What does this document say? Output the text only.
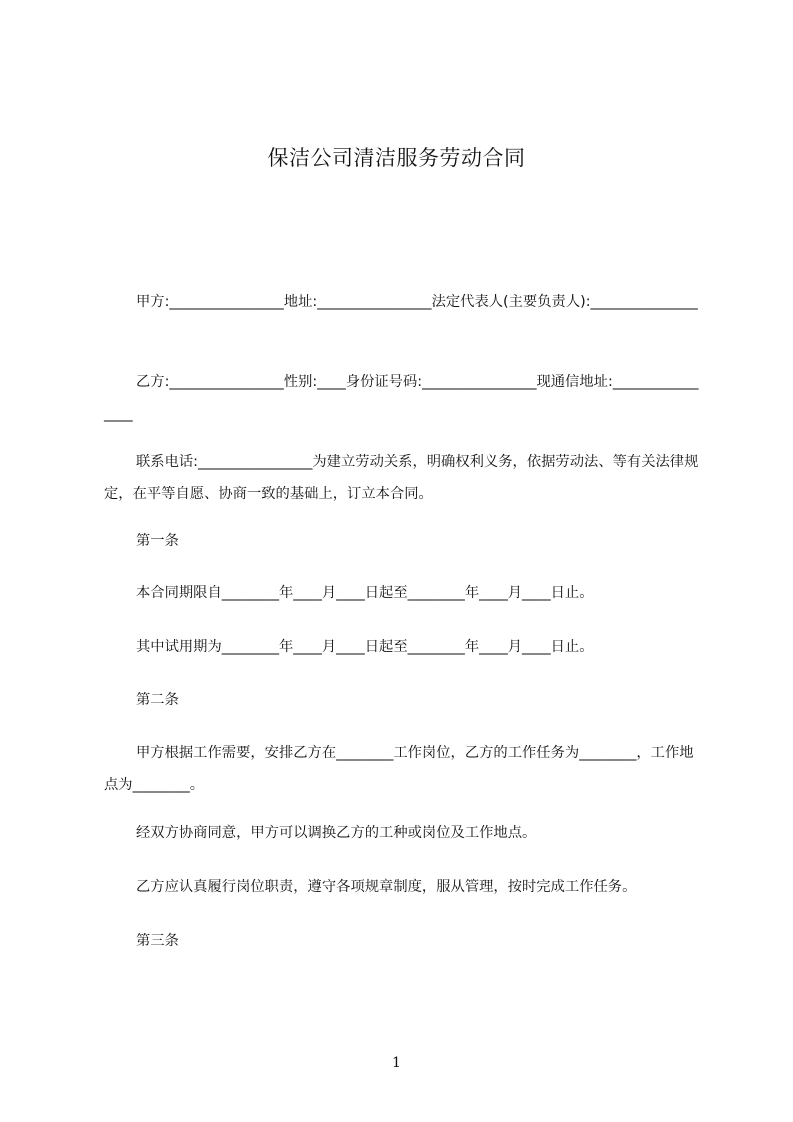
保洁公司清洁服务劳动合同
甲方:________________地址:________________法定代表人(主要负责人):_______________
乙方:________________性别:____身份证号码:________________现通信地址:________________
联系电话:________________为建立劳动关系，明确权利义务，依据劳动法、等有关法律规定，在平等自愿、协商一致的基础上，订立本合同。
第一条
本合同期限自________年____月____日起至________年____月____日止。
其中试用期为________年____月____日起至________年____月____日止。
第二条
甲方根据工作需要，安排乙方在________工作岗位，乙方的工作任务为________，工作地点为________。
经双方协商同意，甲方可以调换乙方的工种或岗位及工作地点。
乙方应认真履行岗位职责，遵守各项规章制度，服从管理，按时完成工作任务。
第三条
1
